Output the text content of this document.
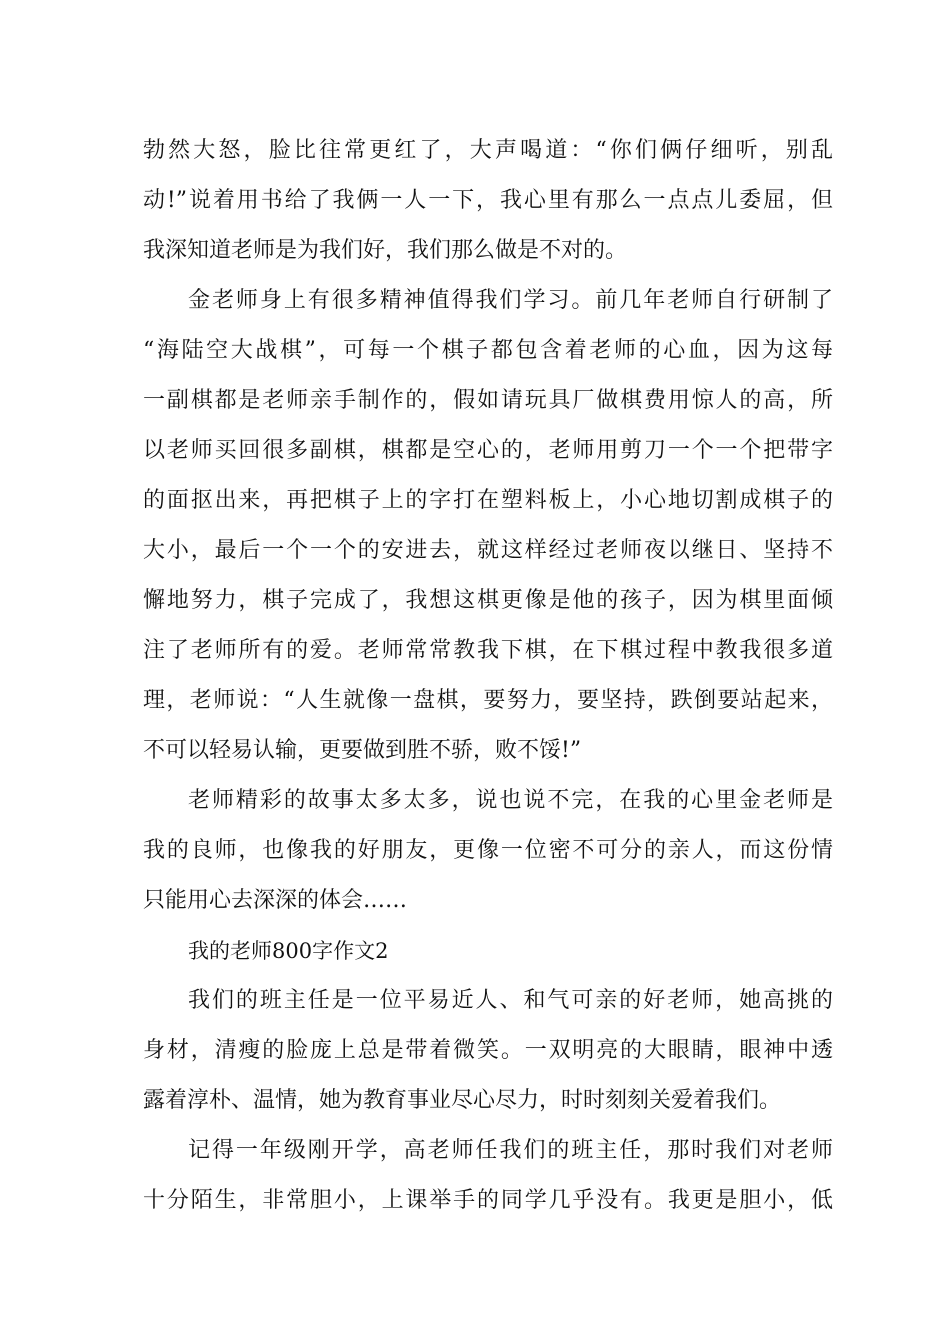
勃然大怒，脸比往常更红了，大声喝道：“你们俩仔细听，别乱
动!”说着用书给了我俩一人一下，我心里有那么一点点儿委屈，但
我深知道老师是为我们好，我们那么做是不对的。
金老师身上有很多精神值得我们学习。前几年老师自行研制了
“海陆空大战棋”，可每一个棋子都包含着老师的心血，因为这每
一副棋都是老师亲手制作的，假如请玩具厂做棋费用惊人的高，所
以老师买回很多副棋，棋都是空心的，老师用剪刀一个一个把带字
的面抠出来，再把棋子上的字打在塑料板上，小心地切割成棋子的
大小，最后一个一个的安进去，就这样经过老师夜以继日、坚持不
懈地努力，棋子完成了，我想这棋更像是他的孩子，因为棋里面倾
注了老师所有的爱。老师常常教我下棋，在下棋过程中教我很多道
理，老师说：“人生就像一盘棋，要努力，要坚持，跌倒要站起来，
不可以轻易认输，更要做到胜不骄，败不馁!”
老师精彩的故事太多太多，说也说不完，在我的心里金老师是
我的良师，也像我的好朋友，更像一位密不可分的亲人，而这份情
只能用心去深深的体会……
我的老师800字作文2
我们的班主任是一位平易近人、和气可亲的好老师，她高挑的
身材，清瘦的脸庞上总是带着微笑。一双明亮的大眼睛，眼神中透
露着淳朴、温情，她为教育事业尽心尽力，时时刻刻关爱着我们。
记得一年级刚开学，高老师任我们的班主任，那时我们对老师
十分陌生，非常胆小，上课举手的同学几乎没有。我更是胆小，低
